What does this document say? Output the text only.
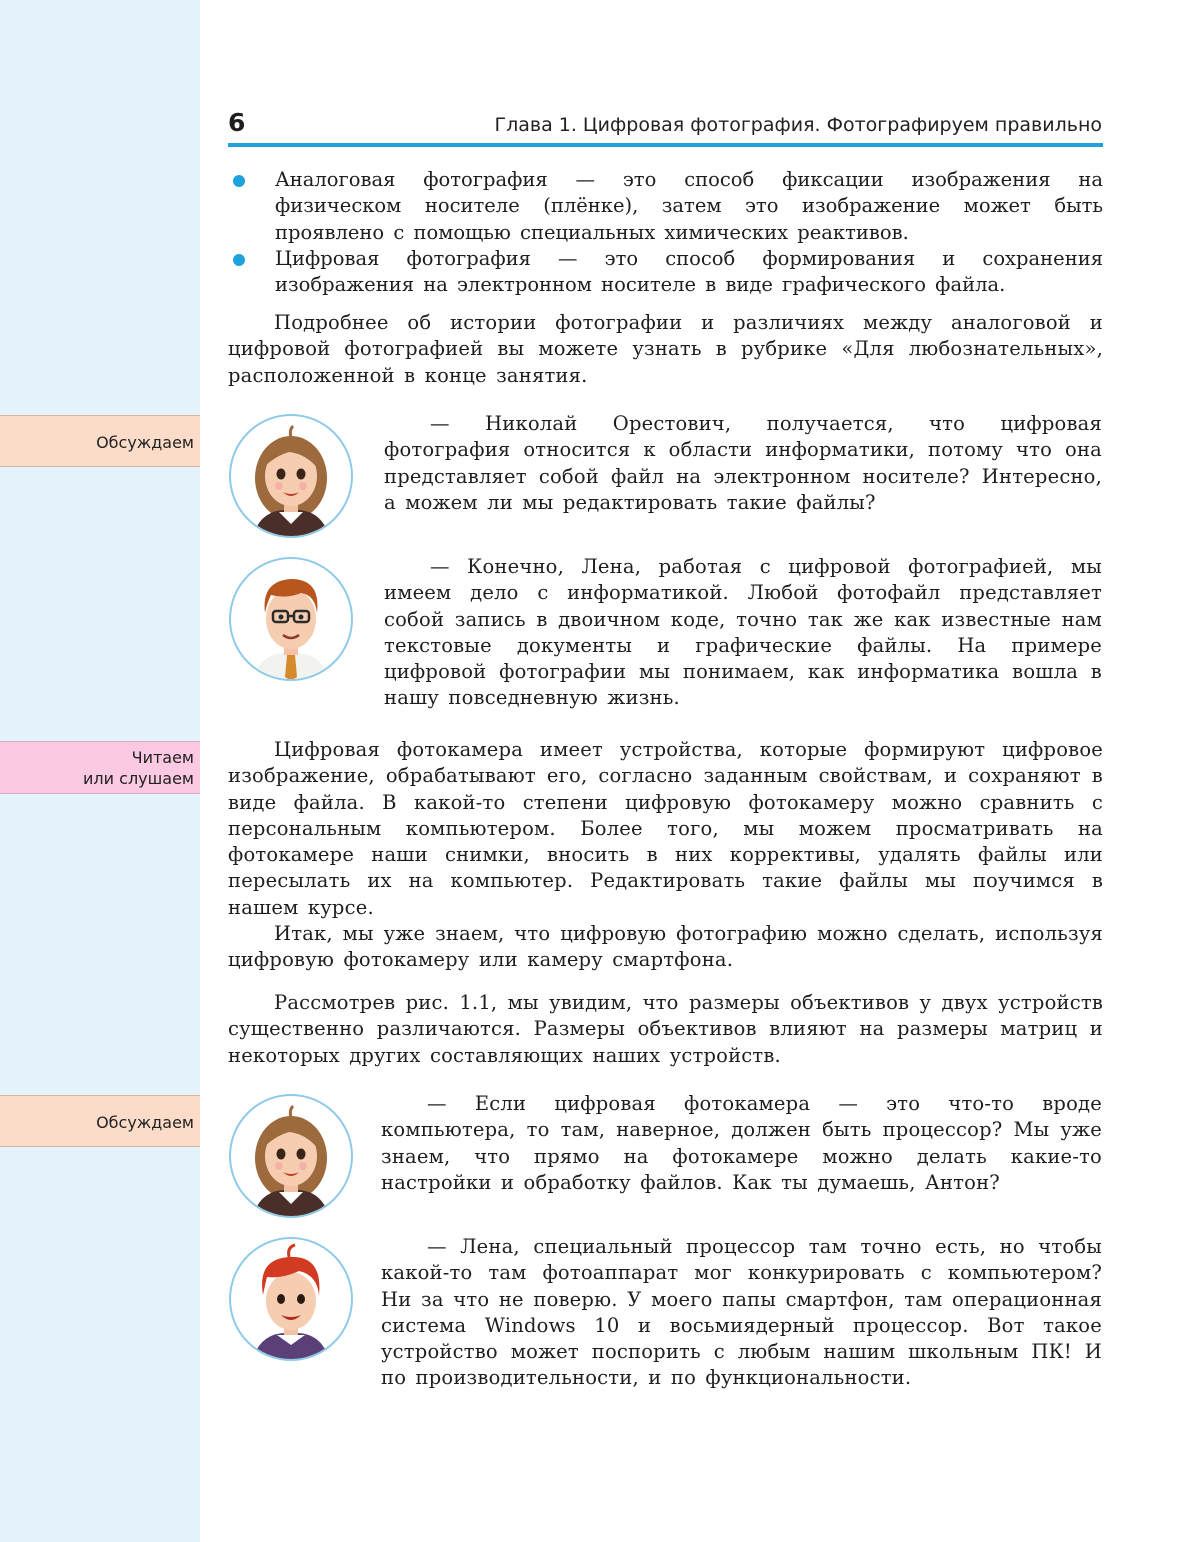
6	Глава 1. Цифровая фотография. Фотографируем правильно
Обсуждаем
Читаем
или слушаем
Обсуждаем
Аналоговая фотография — это способ фиксации изображения на физическом носителе (плёнке), затем это изображение может быть проявлено с помощью специальных химических реактивов.
Цифровая фотография — это способ формирования и сохранения изображения на электронном носителе в виде графического файла.

Подробнее об истории фотографии и различиях между аналоговой и цифровой фотографией вы можете узнать в рубрике «Для любознательных», расположенной в конце занятия.

— Николай Орестович, получается, что цифровая фотография относится к области информатики, потому что она представляет собой файл на электронном носителе? Интересно, а можем ли мы редактировать такие файлы?

— Конечно, Лена, работая с цифровой фотографией, мы имеем дело с информатикой. Любой фотофайл представляет собой запись в двоичном коде, точно так же как известные нам текстовые документы и графические файлы. На примере цифровой фотографии мы понимаем, как информатика вошла в нашу повседневную жизнь.

Цифровая фотокамера имеет устройства, которые формируют цифровое изображение, обрабатывают его, согласно заданным свойствам, и сохраняют в виде файла. В какой-то степени цифровую фотокамеру можно сравнить с персональным компьютером. Более того, мы можем просматривать на фотокамере наши снимки, вносить в них коррективы, удалять файлы или пересылать их на компьютер. Редактировать такие файлы мы поучимся в нашем курсе.

Итак, мы уже знаем, что цифровую фотографию можно сделать, используя цифровую фотокамеру или камеру смартфона.

Рассмотрев рис. 1.1, мы увидим, что размеры объективов у двух устройств существенно различаются. Размеры объективов влияют на размеры матриц и некоторых других составляющих наших устройств.

— Если цифровая фотокамера — это что-то вроде компьютера, то там, наверное, должен быть процессор? Мы уже знаем, что прямо на фотокамере можно делать какие-то настройки и обработку файлов. Как ты думаешь, Антон?

— Лена, специальный процессор там точно есть, но чтобы какой-то там фотоаппарат мог конкурировать с компьютером? Ни за что не поверю. У моего папы смартфон, там операционная система Windows 10 и восьмиядерный процессор. Вот такое устройство может поспорить с любым нашим школьным ПК! И по производительности, и по функциональности.
